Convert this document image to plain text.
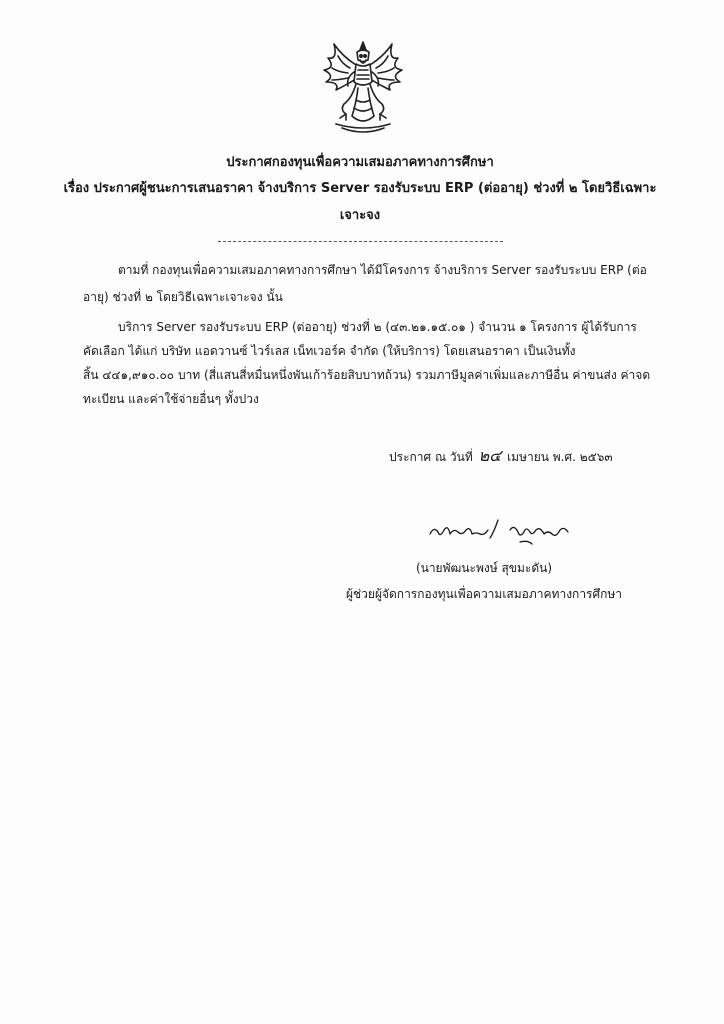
ประกาศกองทุนเพื่อความเสมอภาคทางการศึกษา
เรื่อง ประกาศผู้ชนะการเสนอราคา จ้างบริการ Server รองรับระบบ ERP (ต่ออายุ) ช่วงที่ ๒ โดยวิธีเฉพาะ
เจาะจง
ตามที่ กองทุนเพื่อความเสมอภาคทางการศึกษา ได้มีโครงการ จ้างบริการ Server รองรับระบบ ERP (ต่อ
อายุ) ช่วงที่ ๒ โดยวิธีเฉพาะเจาะจง นั้น
บริการ Server รองรับระบบ ERP (ต่ออายุ) ช่วงที่ ๒ (๔๓.๒๑.๑๕.๐๑ ) จำนวน ๑ โครงการ ผู้ได้รับการ
คัดเลือก ได้แก่ บริษัท แอดวานซ์ ไวร์เลส เน็ทเวอร์ค จำกัด (ให้บริการ) โดยเสนอราคา เป็นเงินทั้ง
สิ้น ๔๔๑,๙๑๐.๐๐ บาท (สี่แสนสี่หมื่นหนึ่งพันเก้าร้อยสิบบาทถ้วน) รวมภาษีมูลค่าเพิ่มและภาษีอื่น ค่าขนส่ง ค่าจด
ทะเบียน และค่าใช้จ่ายอื่นๆ ทั้งปวง
ประกาศ ณ วันที่ ๒๔ เมษายน พ.ศ. ๒๕๖๓
(นายพัฒนะพงษ์ สุขมะดัน)
ผู้ช่วยผู้จัดการกองทุนเพื่อความเสมอภาคทางการศึกษา
